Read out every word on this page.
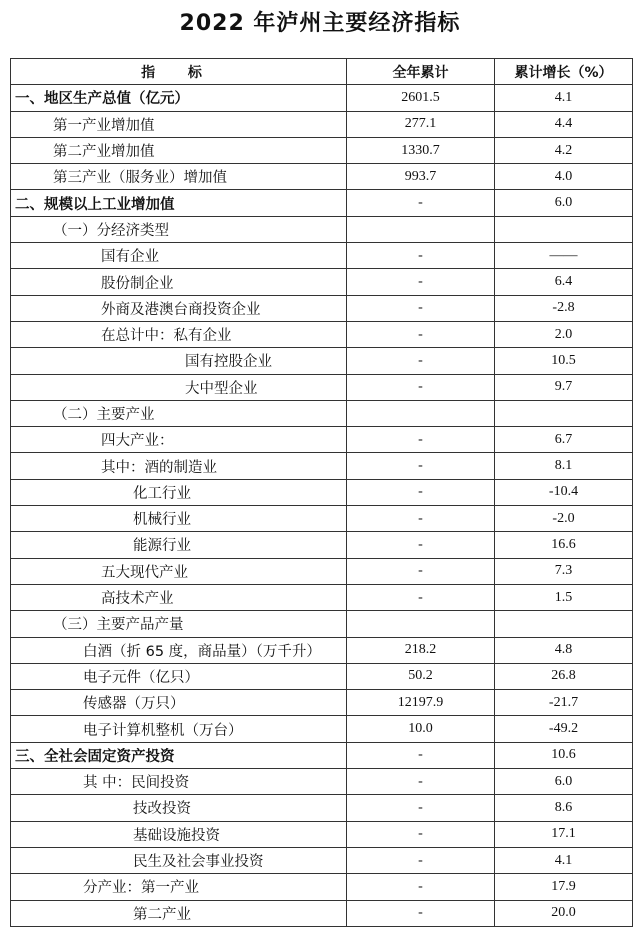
2022 年泸州主要经济指标
指 标	全年累计	累计增长（%）
一、地区生产总值（亿元）	2601.5	4.1
第一产业增加值	277.1	4.4
第二产业增加值	1330.7	4.2
第三产业（服务业）增加值	993.7	4.0
二、规模以上工业增加值	-	6.0
（一）分经济类型		
国有企业	-	——
股份制企业	-	6.4
外商及港澳台商投资企业	-	-2.8
在总计中：私有企业	-	2.0
国有控股企业	-	10.5
大中型企业	-	9.7
（二）主要产业		
四大产业：	-	6.7
其中：酒的制造业	-	8.1
化工行业	-	-10.4
机械行业	-	-2.0
能源行业	-	16.6
五大现代产业	-	7.3
高技术产业	-	1.5
（三）主要产品产量		
白酒（折 65 度，商品量）（万千升）	218.2	4.8
电子元件（亿只）	50.2	26.8
传感器（万只）	12197.9	-21.7
电子计算机整机（万台）	10.0	-49.2
三、全社会固定资产投资	-	10.6
其 中：民间投资	-	6.0
技改投资	-	8.6
基础设施投资	-	17.1
民生及社会事业投资	-	4.1
分产业：第一产业	-	17.9
第二产业	-	20.0
